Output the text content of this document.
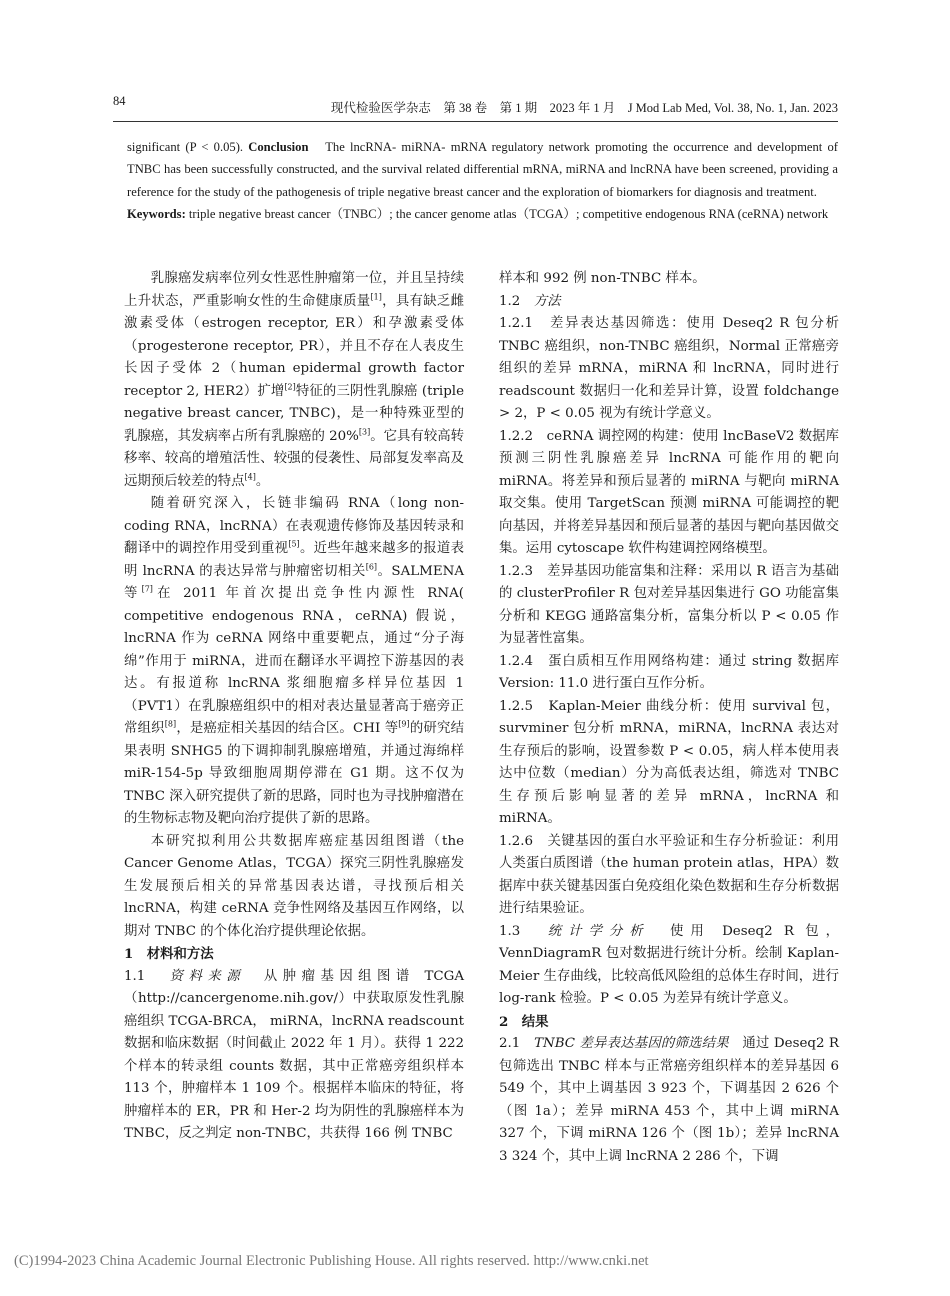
84	现代检验医学杂志　第 38 卷　第 1 期　2023 年 1 月　J Mod Lab Med, Vol. 38, No. 1, Jan. 2023
significant (P < 0.05). Conclusion　The lncRNA- miRNA- mRNA regulatory network promoting the occurrence and development of TNBC has been successfully constructed, and the survival related differential mRNA, miRNA and lncRNA have been screened, providing a reference for the study of the pathogenesis of triple negative breast cancer and the exploration of biomarkers for diagnosis and treatment.
Keywords: triple negative breast cancer（TNBC）; the cancer genome atlas（TCGA）; competitive endogenous RNA (ceRNA) network

乳腺癌发病率位列女性恶性肿瘤第一位，并且呈持续上升状态，严重影响女性的生命健康质量[1]，具有缺乏雌激素受体（estrogen receptor, ER）和孕激素受体（progesterone receptor, PR），并且不存在人表皮生长因子受体 2（human epidermal growth factor receptor 2, HER2）扩增[2]特征的三阴性乳腺癌 (triple negative breast cancer, TNBC)，是一种特殊亚型的乳腺癌，其发病率占所有乳腺癌的 20%[3]。它具有较高转移率、较高的增殖活性、较强的侵袭性、局部复发率高及远期预后较差的特点[4]。

随着研究深入，长链非编码 RNA（long non-coding RNA，lncRNA）在表观遗传修饰及基因转录和翻译中的调控作用受到重视[5]。近些年越来越多的报道表明 lncRNA 的表达异常与肿瘤密切相关[6]。SALMENA 等[7]在 2011 年首次提出竞争性内源性 RNA( competitive endogenous RNA，ceRNA) 假说，lncRNA 作为 ceRNA 网络中重要靶点，通过“分子海绵”作用于 miRNA，进而在翻译水平调控下游基因的表达。有报道称 lncRNA 浆细胞瘤多样异位基因 1（PVT1）在乳腺癌组织中的相对表达量显著高于癌旁正常组织[8]，是癌症相关基因的结合区。CHI 等[9]的研究结果表明 SNHG5 的下调抑制乳腺癌增殖，并通过海绵样 miR-154-5p 导致细胞周期停滞在 G1 期。这不仅为 TNBC 深入研究提供了新的思路，同时也为寻找肿瘤潜在的生物标志物及靶向治疗提供了新的思路。

本研究拟利用公共数据库癌症基因组图谱（the Cancer Genome Atlas，TCGA）探究三阴性乳腺癌发生发展预后相关的异常基因表达谱，寻找预后相关 lncRNA，构建 ceRNA 竞争性网络及基因互作网络，以期对 TNBC 的个体化治疗提供理论依据。

1　材料和方法

1.1　资料来源　从肿瘤基因组图谱 TCGA（http://cancergenome.nih.gov/）中获取原发性乳腺癌组织 TCGA-BRCA， miRNA，lncRNA readscount 数据和临床数据（时间截止 2022 年 1 月）。获得 1 222 个样本的转录组 counts 数据，其中正常癌旁组织样本 113 个，肿瘤样本 1 109 个。根据样本临床的特征，将肿瘤样本的 ER，PR 和 Her-2 均为阴性的乳腺癌样本为 TNBC，反之判定 non-TNBC，共获得 166 例 TNBC

样本和 992 例 non-TNBC 样本。

1.2　方法

1.2.1　差异表达基因筛选：使用 Deseq2 R 包分析 TNBC 癌组织，non-TNBC 癌组织，Normal 正常癌旁组织的差异 mRNA，miRNA 和 lncRNA，同时进行 readscount 数据归一化和差异计算，设置 foldchange > 2，P < 0.05 视为有统计学意义。

1.2.2　ceRNA 调控网的构建：使用 lncBaseV2 数据库预测三阴性乳腺癌差异 lncRNA 可能作用的靶向 miRNA。将差异和预后显著的 miRNA 与靶向 miRNA 取交集。使用 TargetScan 预测 miRNA 可能调控的靶向基因，并将差异基因和预后显著的基因与靶向基因做交集。运用 cytoscape 软件构建调控网络模型。

1.2.3　差异基因功能富集和注释：采用以 R 语言为基础的 clusterProfiler R 包对差异基因集进行 GO 功能富集分析和 KEGG 通路富集分析，富集分析以 P < 0.05 作为显著性富集。

1.2.4　蛋白质相互作用网络构建：通过 string 数据库 Version: 11.0 进行蛋白互作分析。

1.2.5　Kaplan-Meier 曲线分析：使用 survival 包，survminer 包分析 mRNA，miRNA，lncRNA 表达对生存预后的影响，设置参数 P < 0.05，病人样本使用表达中位数（median）分为高低表达组，筛选对 TNBC 生存预后影响显著的差异 mRNA，lncRNA 和 miRNA。

1.2.6　关键基因的蛋白水平验证和生存分析验证：利用人类蛋白质图谱（the human protein atlas，HPA）数据库中获关键基因蛋白免疫组化染色数据和生存分析数据进行结果验证。

1.3　统计学分析　使用 Deseq2 R 包，VennDiagramR 包对数据进行统计分析。绘制 Kaplan-Meier 生存曲线，比较高低风险组的总体生存时间，进行 log-rank 检验。P < 0.05 为差异有统计学意义。

2　结果

2.1　TNBC 差异表达基因的筛选结果　通过 Deseq2 R 包筛选出 TNBC 样本与正常癌旁组织样本的差异基因 6 549 个，其中上调基因 3 923 个，下调基因 2 626 个（图 1a）；差异 miRNA 453 个，其中上调 miRNA 327 个，下调 miRNA 126 个（图 1b）；差异 lncRNA 3 324 个，其中上调 lncRNA 2 286 个，下调

(C)1994-2023 China Academic Journal Electronic Publishing House. All rights reserved. http://www.cnki.net
